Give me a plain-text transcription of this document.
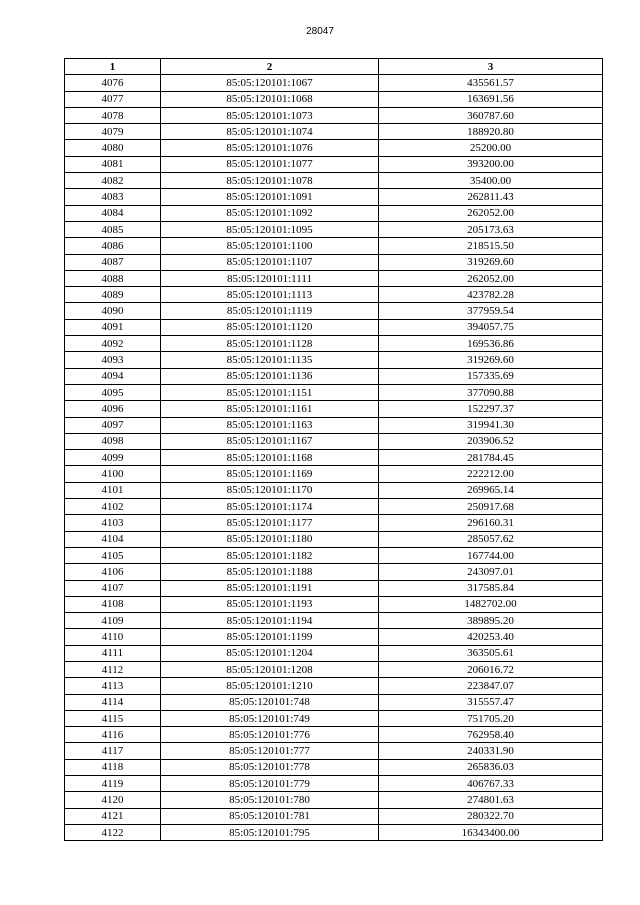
28047
1	2	3
4076	85:05:120101:1067	435561.57
4077	85:05:120101:1068	163691.56
4078	85:05:120101:1073	360787.60
4079	85:05:120101:1074	188920.80
4080	85:05:120101:1076	25200.00
4081	85:05:120101:1077	393200.00
4082	85:05:120101:1078	35400.00
4083	85:05:120101:1091	262811.43
4084	85:05:120101:1092	262052.00
4085	85:05:120101:1095	205173.63
4086	85:05:120101:1100	218515.50
4087	85:05:120101:1107	319269.60
4088	85:05:120101:1111	262052.00
4089	85:05:120101:1113	423782.28
4090	85:05:120101:1119	377959.54
4091	85:05:120101:1120	394057.75
4092	85:05:120101:1128	169536.86
4093	85:05:120101:1135	319269.60
4094	85:05:120101:1136	157335.69
4095	85:05:120101:1151	377090.88
4096	85:05:120101:1161	152297.37
4097	85:05:120101:1163	319941.30
4098	85:05:120101:1167	203906.52
4099	85:05:120101:1168	281784.45
4100	85:05:120101:1169	222212.00
4101	85:05:120101:1170	269965.14
4102	85:05:120101:1174	250917.68
4103	85:05:120101:1177	296160.31
4104	85:05:120101:1180	285057.62
4105	85:05:120101:1182	167744.00
4106	85:05:120101:1188	243097.01
4107	85:05:120101:1191	317585.84
4108	85:05:120101:1193	1482702.00
4109	85:05:120101:1194	389895.20
4110	85:05:120101:1199	420253.40
4111	85:05:120101:1204	363505.61
4112	85:05:120101:1208	206016.72
4113	85:05:120101:1210	223847.07
4114	85:05:120101:748	315557.47
4115	85:05:120101:749	751705.20
4116	85:05:120101:776	762958.40
4117	85:05:120101:777	240331.90
4118	85:05:120101:778	265836.03
4119	85:05:120101:779	406767.33
4120	85:05:120101:780	274801.63
4121	85:05:120101:781	280322.70
4122	85:05:120101:795	16343400.00
